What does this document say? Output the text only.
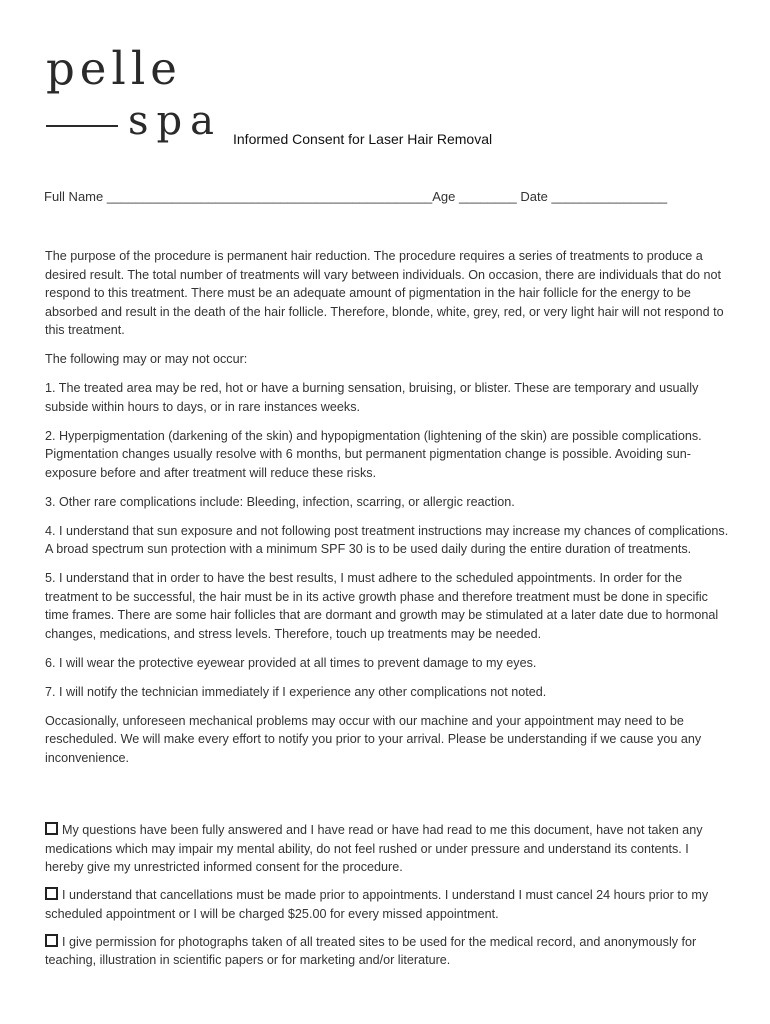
pelle
spa Informed Consent for Laser Hair Removal
Full Name _____________________________________________Age ________ Date ________________

The purpose of the procedure is permanent hair reduction. The procedure requires a series of treatments to produce a desired result. The total number of treatments will vary between individuals. On occasion, there are individuals that do not respond to this treatment. There must be an adequate amount of pigmentation in the hair follicle for the energy to be absorbed and result in the death of the hair follicle. Therefore, blonde, white, grey, red, or very light hair will not respond to this treatment.

The following may or may not occur:

1. The treated area may be red, hot or have a burning sensation, bruising, or blister. These are temporary and usually subside within hours to days, or in rare instances weeks.

2. Hyperpigmentation (darkening of the skin) and hypopigmentation (lightening of the skin) are possible complications. Pigmentation changes usually resolve with 6 months, but permanent pigmentation change is possible. Avoiding sun-exposure before and after treatment will reduce these risks.

3. Other rare complications include: Bleeding, infection, scarring, or allergic reaction.

4. I understand that sun exposure and not following post treatment instructions may increase my chances of complications. A broad spectrum sun protection with a minimum SPF 30 is to be used daily during the entire duration of treatments.

5. I understand that in order to have the best results, I must adhere to the scheduled appointments. In order for the treatment to be successful, the hair must be in its active growth phase and therefore treatment must be done in specific time frames. There are some hair follicles that are dormant and growth may be stimulated at a later date due to hormonal changes, medications, and stress levels. Therefore, touch up treatments may be needed.

6. I will wear the protective eyewear provided at all times to prevent damage to my eyes.

7. I will notify the technician immediately if I experience any other complications not noted.

Occasionally, unforeseen mechanical problems may occur with our machine and your appointment may need to be rescheduled. We will make every effort to notify you prior to your arrival. Please be understanding if we cause you any inconvenience.

My questions have been fully answered and I have read or have had read to me this document, have not taken any medications which may impair my mental ability, do not feel rushed or under pressure and understand its contents. I hereby give my unrestricted informed consent for the procedure.

I understand that cancellations must be made prior to appointments. I understand I must cancel 24 hours prior to my scheduled appointment or I will be charged $25.00 for every missed appointment.

I give permission for photographs taken of all treated sites to be used for the medical record, and anonymously for teaching, illustration in scientific papers or for marketing and/or literature.
